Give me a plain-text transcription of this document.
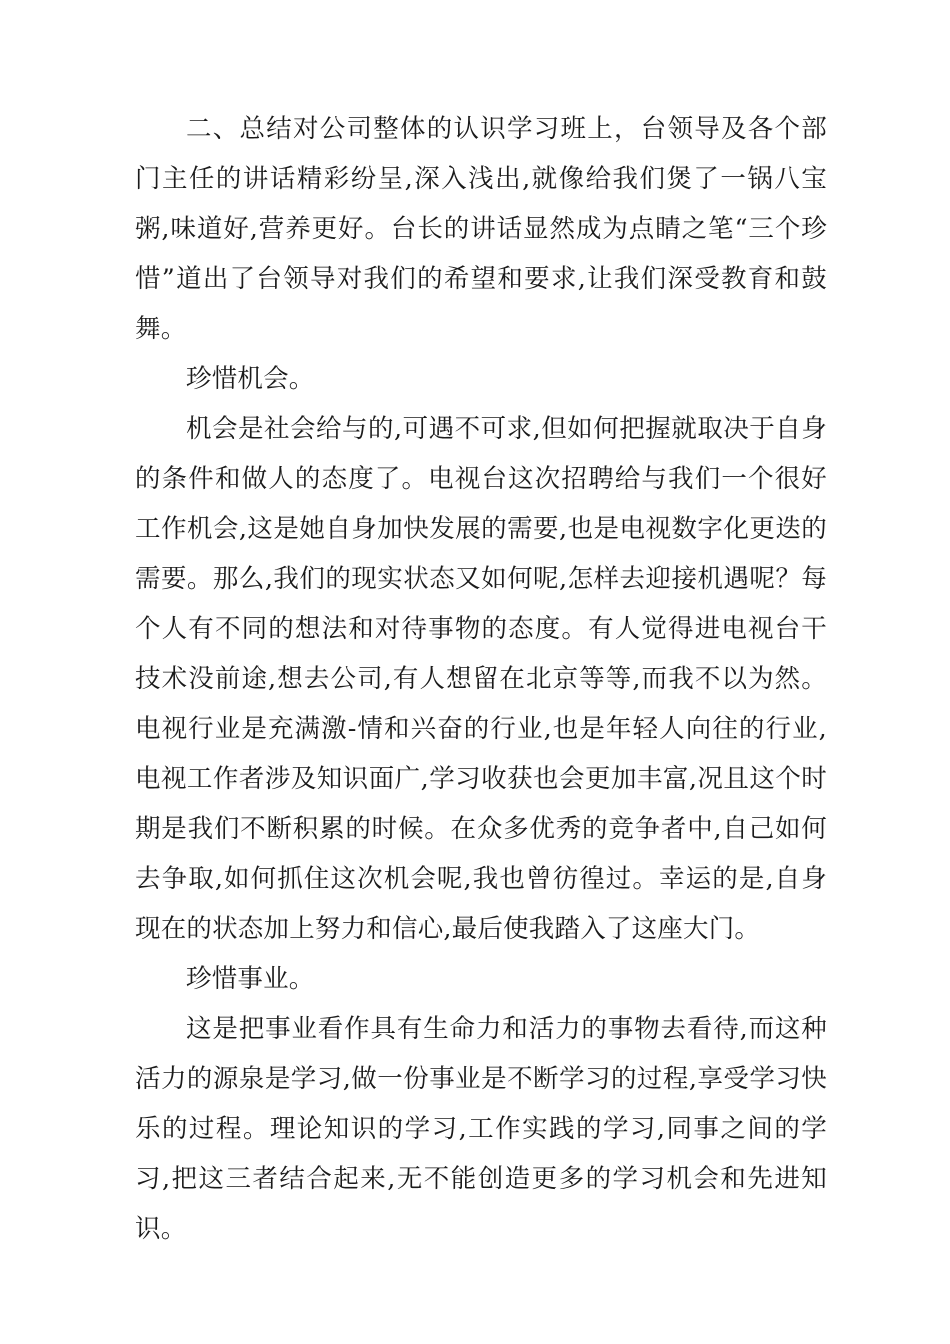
二、总结对公司整体的认识学习班上，台领导及各个部门主任的讲话精彩纷呈,深入浅出,就像给我们煲了一锅八宝粥,味道好,营养更好。台长的讲话显然成为点睛之笔“三个珍惜”道出了台领导对我们的希望和要求,让我们深受教育和鼓舞。

珍惜机会。

机会是社会给与的,可遇不可求,但如何把握就取决于自身的条件和做人的态度了。电视台这次招聘给与我们一个很好工作机会,这是她自身加快发展的需要,也是电视数字化更迭的需要。那么,我们的现实状态又如何呢,怎样去迎接机遇呢？每个人有不同的想法和对待事物的态度。有人觉得进电视台干技术没前途,想去公司,有人想留在北京等等,而我不以为然。电视行业是充满激-情和兴奋的行业,也是年轻人向往的行业,电视工作者涉及知识面广,学习收获也会更加丰富,况且这个时期是我们不断积累的时候。在众多优秀的竞争者中,自己如何去争取,如何抓住这次机会呢,我也曾彷徨过。幸运的是,自身现在的状态加上努力和信心,最后使我踏入了这座大门。

珍惜事业。

这是把事业看作具有生命力和活力的事物去看待,而这种活力的源泉是学习,做一份事业是不断学习的过程,享受学习快乐的过程。理论知识的学习,工作实践的学习,同事之间的学习,把这三者结合起来,无不能创造更多的学习机会和先进知识。
